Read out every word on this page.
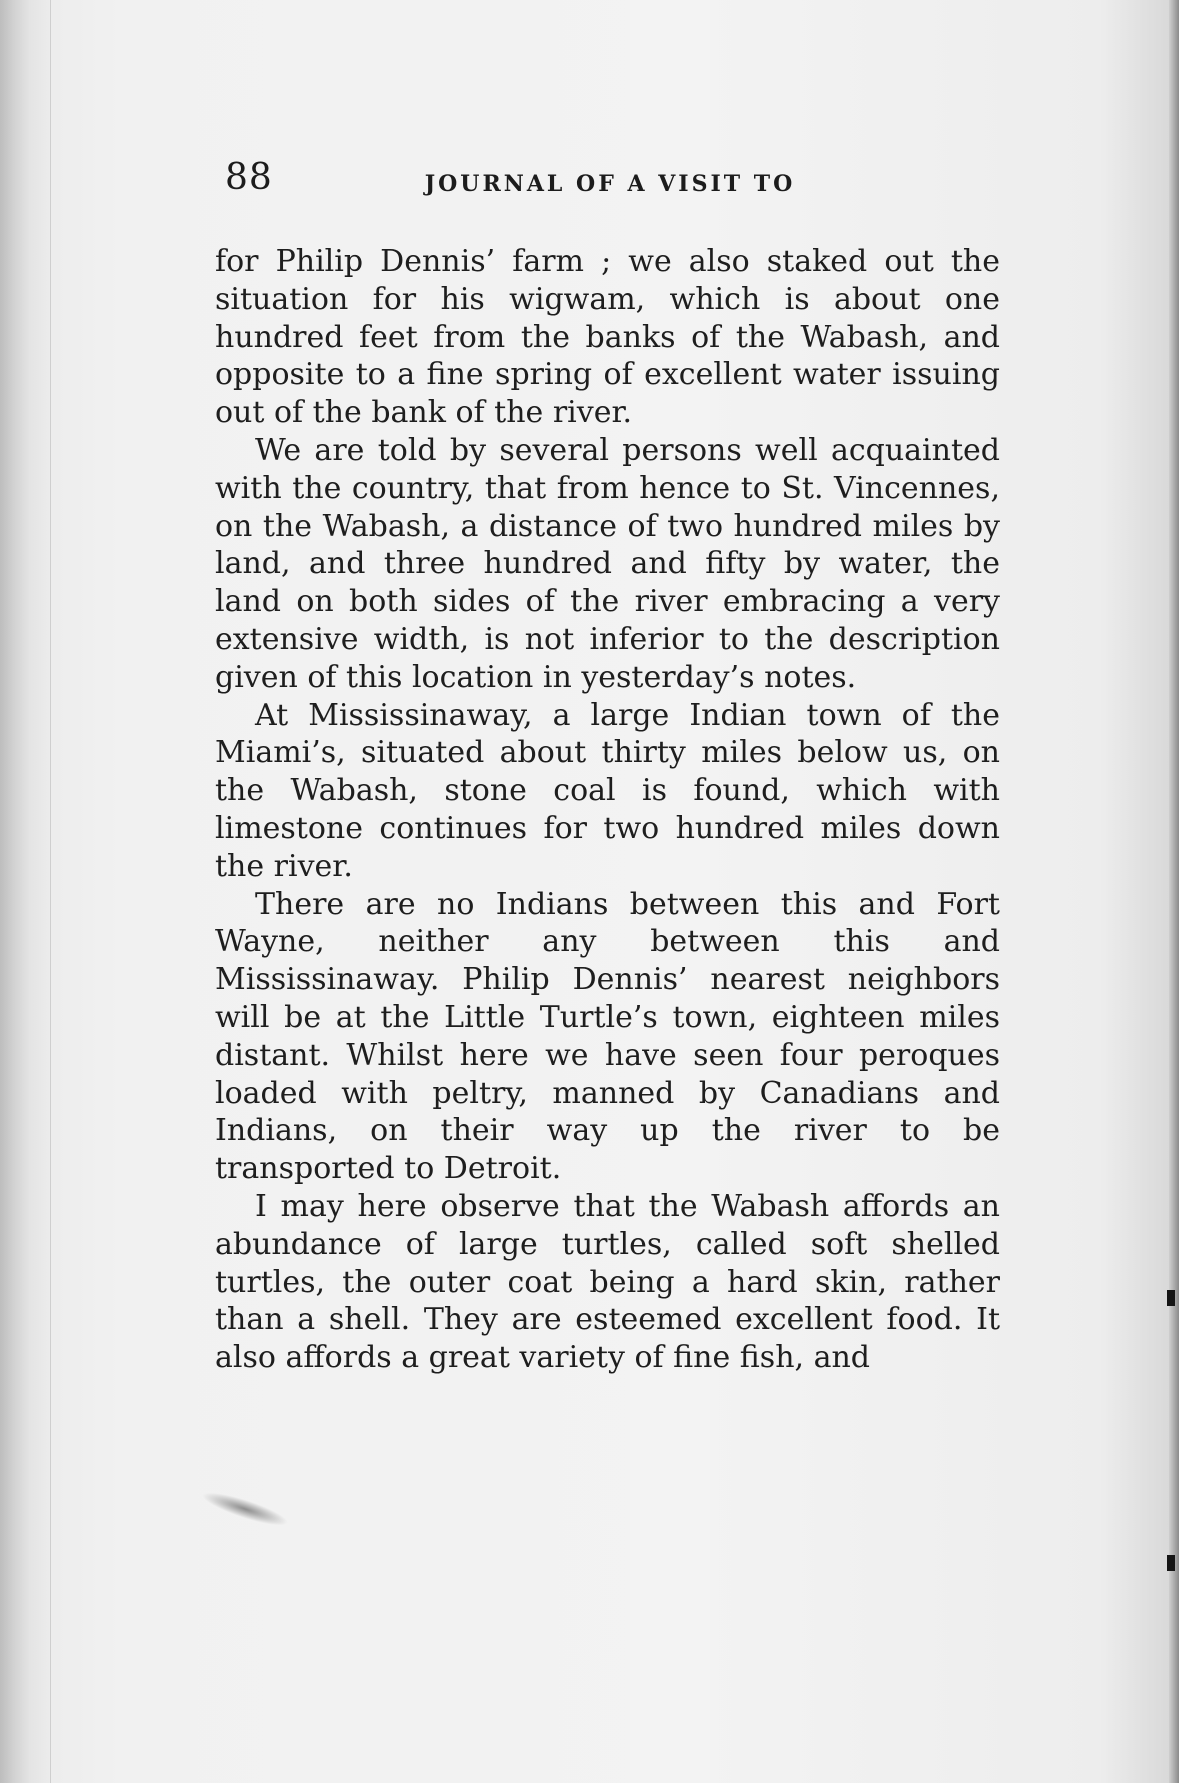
88	JOURNAL OF A VISIT TO

for Philip Dennis’ farm ; we also staked out the situation for his wigwam, which is about one hundred feet from the banks of the Wabash, and opposite to a fine spring of excellent water issuing out of the bank of the river.

We are told by several persons well acquainted with the country, that from hence to St. Vincennes, on the Wabash, a distance of two hundred miles by land, and three hundred and fifty by water, the land on both sides of the river embracing a very extensive width, is not inferior to the description given of this location in yesterday’s notes.

At Mississinaway, a large Indian town of the Miami’s, situated about thirty miles below us, on the Wabash, stone coal is found, which with limestone continues for two hundred miles down the river.

There are no Indians between this and Fort Wayne, neither any between this and Mississinaway. Philip Dennis’ nearest neighbors will be at the Little Turtle’s town, eighteen miles distant. Whilst here we have seen four peroques loaded with peltry, manned by Canadians and Indians, on their way up the river to be transported to Detroit.

I may here observe that the Wabash affords an abundance of large turtles, called soft shelled turtles, the outer coat being a hard skin, rather than a shell. They are esteemed excellent food. It also affords a great variety of fine fish, and
